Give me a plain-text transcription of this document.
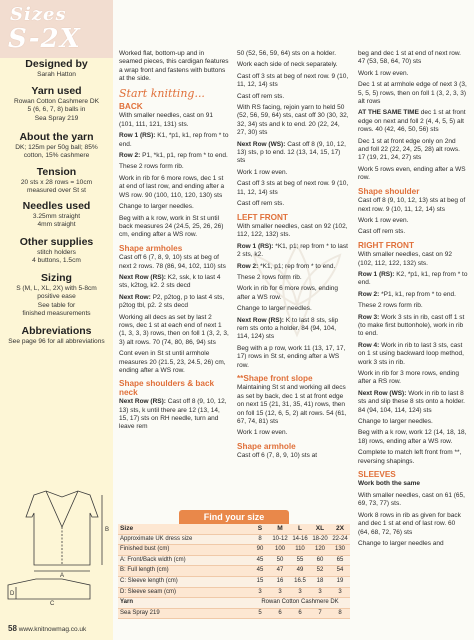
Sizes
S-2X
Designed by
Sarah Hatton
Yarn used
Rowan Cotton Cashmere DK
5 (6, 6, 7, 8) balls in
Sea Spray 219
About the yarn
DK; 125m per 50g ball; 85%
cotton, 15% cashmere
Tension
20 sts x 28 rows = 10cm
measured over St st
Needles used
3.25mm straight
4mm straight
Other supplies
stitch holders
4 buttons, 1.5cm
Sizing
S (M, L, XL, 2X) with 5-8cm
positive ease
See table for
finished measurements
Abbreviations
See page 96 for all abbreviations
B
A
D
C

Worked flat, bottom-up and in seamed pieces, this cardigan features a wrap front and fastens with buttons at the side.

Start knitting...
BACK

With smaller needles, cast on 91 (101, 111, 121, 131) sts.

Row 1 (RS): K1, *p1, k1, rep from * to end.

Row 2: P1, *k1, p1, rep from * to end.

These 2 rows form rib.

Work in rib for 6 more rows, dec 1 st at end of last row, and ending after a WS row. 90 (100, 110, 120, 130) sts

Change to larger needles.

Beg with a k row, work in St st until back measures 24 (24.5, 25, 26, 26) cm, ending after a WS row.

Shape armholes

Cast off 6 (7, 8, 9, 10) sts at beg of next 2 rows. 78 (86, 94, 102, 110) sts

Next Row (RS): K2, ssk, k to last 4 sts, k2tog, k2. 2 sts decd

Next Row: P2, p2tog, p to last 4 sts, p2tog tbl, p2. 2 sts decd

Working all decs as set by last 2 rows, dec 1 st at each end of next 1 (1, 3, 3, 3) rows, then on foll 1 (3, 2, 3, 3) alt rows. 70 (74, 80, 86, 94) sts

Cont even in St st until armhole measures 20 (21.5, 23, 24.5, 26) cm, ending after a WS row.

Shape shoulders & back neck

Next Row (RS): Cast off 8 (9, 10, 12, 13) sts, k until there are 12 (13, 14, 15, 17) sts on RH needle, turn and leave rem

50 (52, 56, 59, 64) sts on a holder.

Work each side of neck separately.

Cast off 3 sts at beg of next row. 9 (10, 11, 12, 14) sts

Cast off rem sts.

With RS facing, rejoin yarn to held 50 (52, 56, 59, 64) sts, cast off 30 (30, 32, 32, 34) sts and k to end. 20 (22, 24, 27, 30) sts

Next Row (WS): Cast off 8 (9, 10, 12, 13) sts, p to end. 12 (13, 14, 15, 17) sts

Work 1 row even.

Cast off 3 sts at beg of next row. 9 (10, 11, 12, 14) sts

Cast off rem sts.

LEFT FRONT

With smaller needles, cast on 92 (102, 112, 122, 132) sts.

Row 1 (RS): *K1, p1; rep from * to last 2 sts, k2.

Row 2: *K1, p1; rep from * to end.

These 2 rows form rib.

Work in rib for 6 more rows, ending after a WS row.

Change to larger needles.

Next Row (RS): K to last 8 sts, slip rem sts onto a holder. 84 (94, 104, 114, 124) sts

Beg with a p row, work 11 (13, 17, 17, 17) rows in St st, ending after a WS row.

**Shape front slope

Maintaining St st and working all decs as set by back, dec 1 st at front edge on next 15 (21, 31, 35, 41) rows, then on foll 15 (12, 6, 5, 2) alt rows. 54 (61, 67, 74, 81) sts

Work 1 row even.

Shape armhole

Cast off 6 (7, 8, 9, 10) sts at

beg and dec 1 st at end of next row. 47 (53, 58, 64, 70) sts

Work 1 row even.

Dec 1 st at armhole edge of next 3 (3, 5, 5, 5) rows, then on foll 1 (3, 2, 3, 3) alt rows

AT THE SAME TIME dec 1 st at front edge on next and foll 2 (4, 4, 5, 5) alt rows. 40 (42, 46, 50, 56) sts

Dec 1 st at front edge only on 2nd and foll 22 (22, 24, 25, 28) alt rows. 17 (19, 21, 24, 27) sts

Work 5 rows even, ending after a WS row.

Shape shoulder

Cast off 8 (9, 10, 12, 13) sts at beg of next row. 9 (10, 11, 12, 14) sts

Work 1 row even.

Cast off rem sts.

RIGHT FRONT

With smaller needles, cast on 92 (102, 112, 122, 132) sts.

Row 1 (RS): K2, *p1, k1, rep from * to end.

Row 2: *P1, k1, rep from * to end.

These 2 rows form rib.

Row 3: Work 3 sts in rib, cast off 1 st (to make first buttonhole), work in rib to end.

Row 4: Work in rib to last 3 sts, cast on 1 st using backward loop method, work 3 sts in rib.

Work in rib for 3 more rows, ending after a RS row.

Next Row (WS): Work in rib to last 8 sts and slip these 8 sts onto a holder. 84 (94, 104, 114, 124) sts

Change to larger needles.

Beg with a k row, work 12 (14, 18, 18, 18) rows, ending after a WS row.

Complete to match left front from **, reversing shapings.

SLEEVES

Work both the same

With smaller needles, cast on 61 (65, 69, 73, 77) sts.

Work 8 rows in rib as given for back and dec 1 st at end of last row. 60 (64, 68, 72, 76) sts

Change to larger needles and

Find your size
Size	S	M	L	XL	2X
Approximate UK dress size	8	10-12	14-16	18-20	22-24
Finished bust (cm)	90	100	110	120	130
A: Front/Back width (cm)	45	50	55	60	65
B: Full length (cm)	45	47	49	52	54
C: Sleeve length (cm)	15	16	16.5	18	19
D: Sleeve seam (cm)	3	3	3	3	3
Yarn	Rowan Cotton Cashmere DK				
Sea Spray 219	5	6	6	7	8
58 www.knitnowmag.co.uk
